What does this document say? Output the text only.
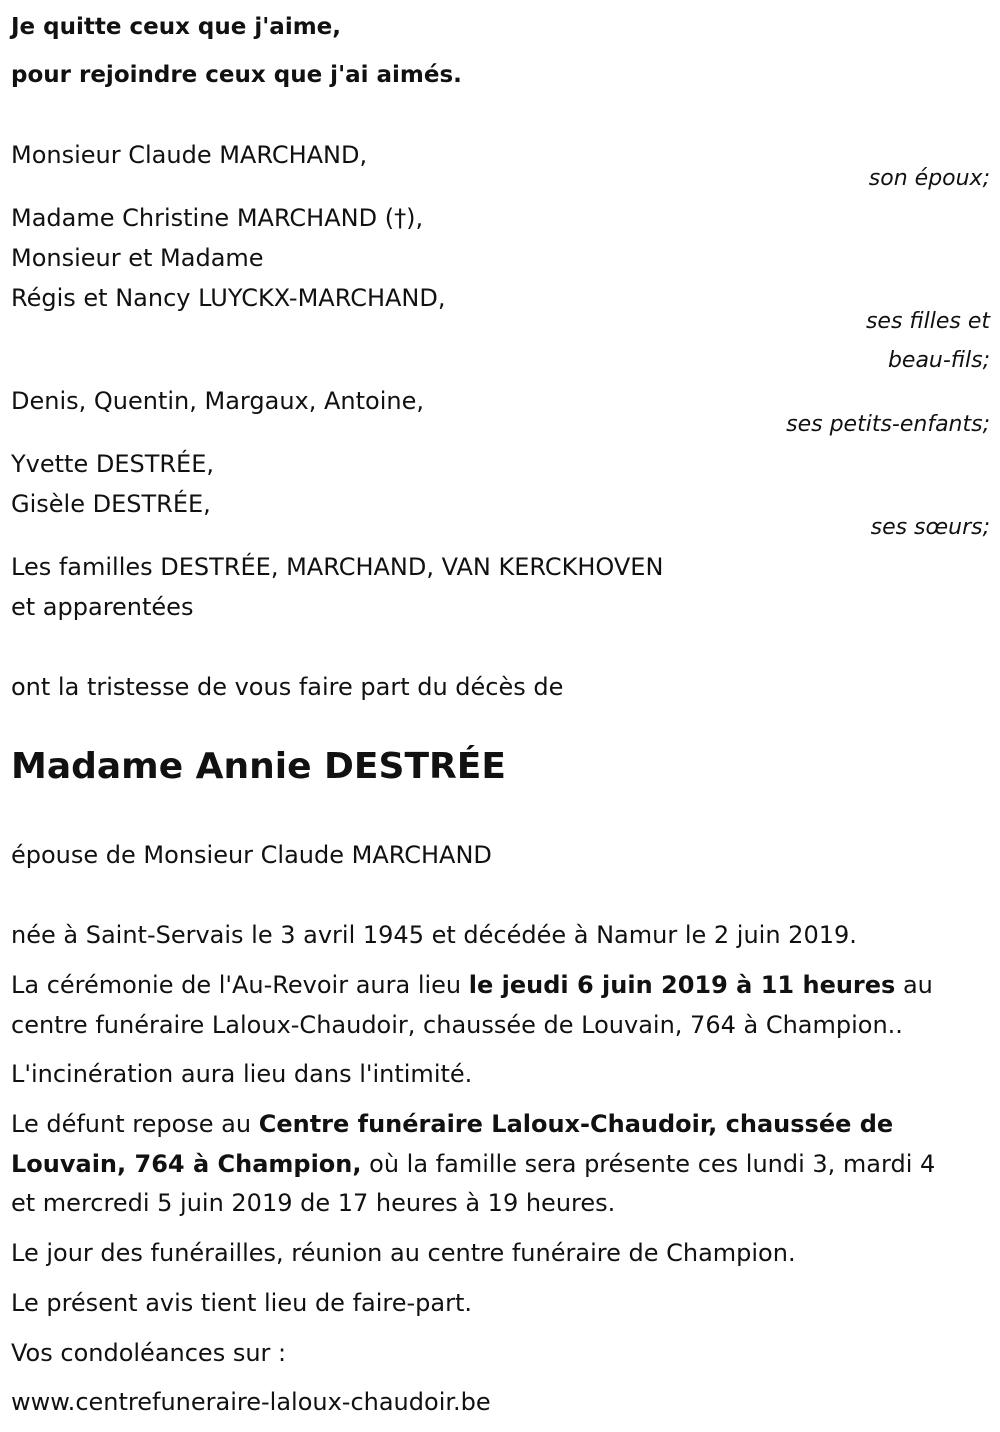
Je quitte ceux que j'aime,

pour rejoindre ceux que j'ai aimés.

Monsieur Claude MARCHAND,

son époux;

Madame Christine MARCHAND (†),

Monsieur et Madame

Régis et Nancy LUYCKX-MARCHAND,

ses filles et

beau-fils;

Denis, Quentin, Margaux, Antoine,

ses petits-enfants;

Yvette DESTRÉE,

Gisèle DESTRÉE,

ses sœurs;

Les familles DESTRÉE, MARCHAND, VAN KERCKHOVEN

et apparentées

ont la tristesse de vous faire part du décès de

Madame Annie DESTRÉE

épouse de Monsieur Claude MARCHAND

née à Saint-Servais le 3 avril 1945 et décédée à Namur le 2 juin 2019.

La cérémonie de l'Au-Revoir aura lieu le jeudi 6 juin 2019 à 11 heures au

centre funéraire Laloux-Chaudoir, chaussée de Louvain, 764 à Champion..

L'incinération aura lieu dans l'intimité.

Le défunt repose au Centre funéraire Laloux-Chaudoir, chaussée de

Louvain, 764 à Champion, où la famille sera présente ces lundi 3, mardi 4

et mercredi 5 juin 2019 de 17 heures à 19 heures.

Le jour des funérailles, réunion au centre funéraire de Champion.

Le présent avis tient lieu de faire-part.

Vos condoléances sur :

www.centrefuneraire-laloux-chaudoir.be
